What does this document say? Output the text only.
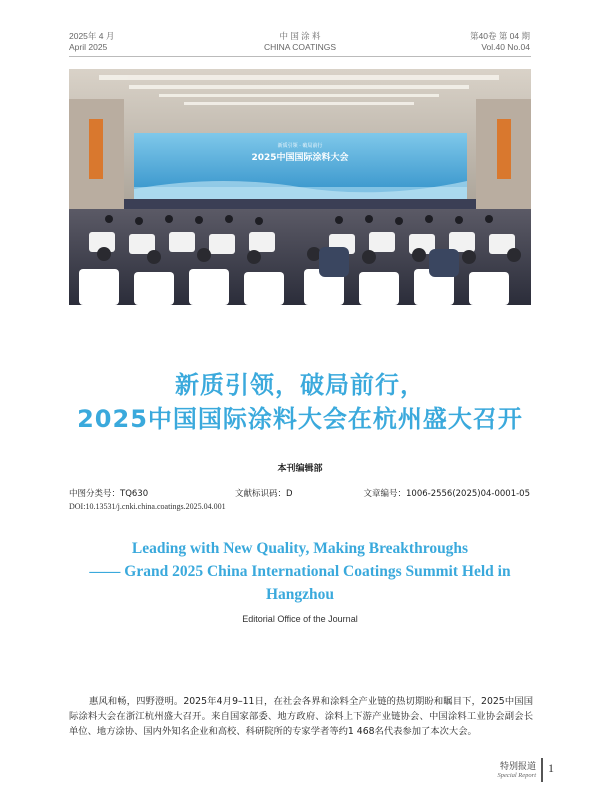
2025年 4 月
April 2025
中 国 涂 料
CHINA COATINGS
第40卷 第 04 期
Vol.40 No.04
新质引领 · 破局前行
2025中国国际涂料大会
新质引领，破局前行，
2025中国国际涂料大会在杭州盛大召开
本刊编辑部
中图分类号：TQ630	文献标识码：D	文章编号：1006-2556(2025)04-0001-05
DOI:10.13531/j.cnki.china.coatings.2025.04.001
Leading with New Quality, Making Breakthroughs
—— Grand 2025 China International Coatings Summit Held in
Hangzhou
Editorial Office of the Journal
惠风和畅，四野澄明。2025年4月9–11日，在社会各界和涂料全产业链的热切期盼和瞩目下，2025中国国际涂料大会在浙江杭州盛大召开。来自国家部委、地方政府、涂料上下游产业链协会、中国涂料工业协会副会长单位、地方涂协、国内外知名企业和高校、科研院所的专家学者等约1 468名代表参加了本次大会。
特别报道
Special Report
1
